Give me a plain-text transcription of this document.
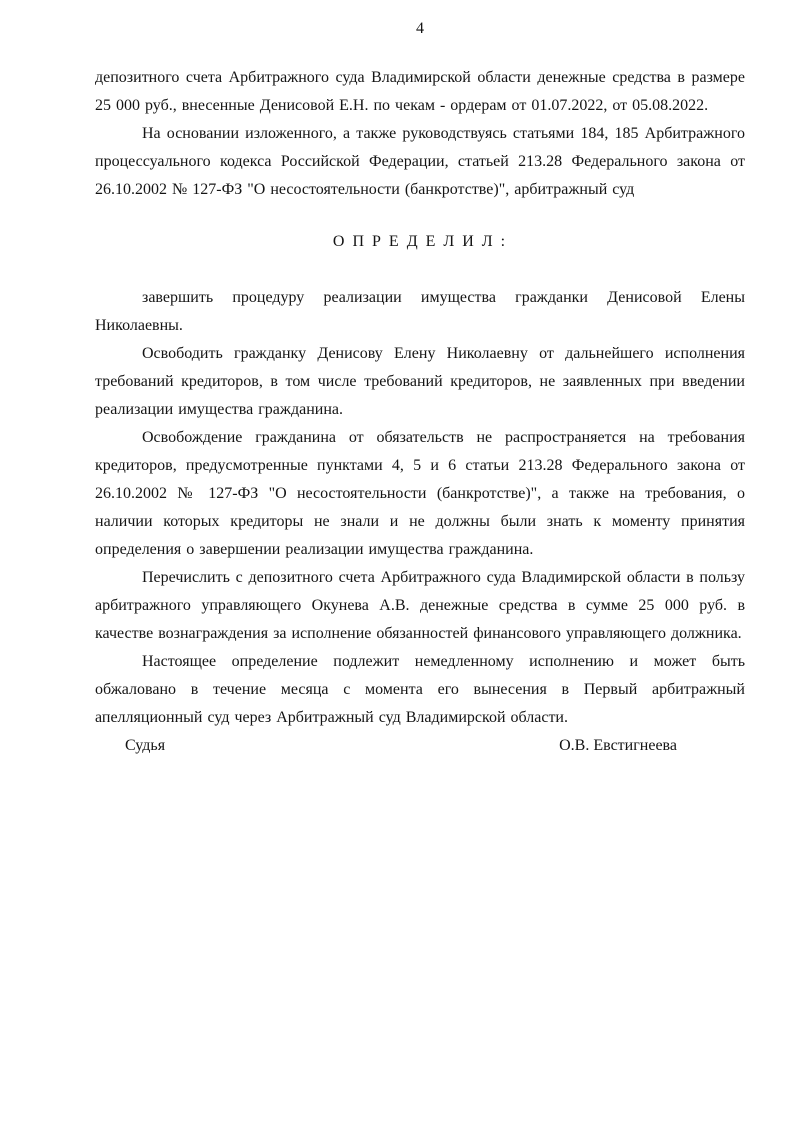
4

депозитного счета Арбитражного суда Владимирской области денежные средства в размере 25 000 руб., внесенные Денисовой Е.Н. по чекам - ордерам от 01.07.2022, от 05.08.2022.

На основании изложенного, а также руководствуясь статьями 184, 185 Арбитражного процессуального кодекса Российской Федерации, статьей 213.28 Федерального закона от 26.10.2002 № 127-ФЗ "О несостоятельности (банкротстве)", арбитражный суд

О П Р Е Д Е Л И Л :

завершить процедуру реализации имущества гражданки Денисовой Елены Николаевны.

Освободить гражданку Денисову Елену Николаевну от дальнейшего исполнения требований кредиторов, в том числе требований кредиторов, не заявленных при введении реализации имущества гражданина.

Освобождение гражданина от обязательств не распространяется на требования кредиторов, предусмотренные пунктами 4, 5 и 6 статьи 213.28 Федерального закона от 26.10.2002 № 127-ФЗ "О несостоятельности (банкротстве)", а также на требования, о наличии которых кредиторы не знали и не должны были знать к моменту принятия определения о завершении реализации имущества гражданина.

Перечислить с депозитного счета Арбитражного суда Владимирской области в пользу арбитражного управляющего Окунева А.В. денежные средства в сумме 25 000 руб. в качестве вознаграждения за исполнение обязанностей финансового управляющего должника.

Настоящее определение подлежит немедленному исполнению и может быть обжаловано в течение месяца с момента его вынесения в Первый арбитражный апелляционный суд через Арбитражный суд Владимирской области.

Судья	О.В. Евстигнеева
